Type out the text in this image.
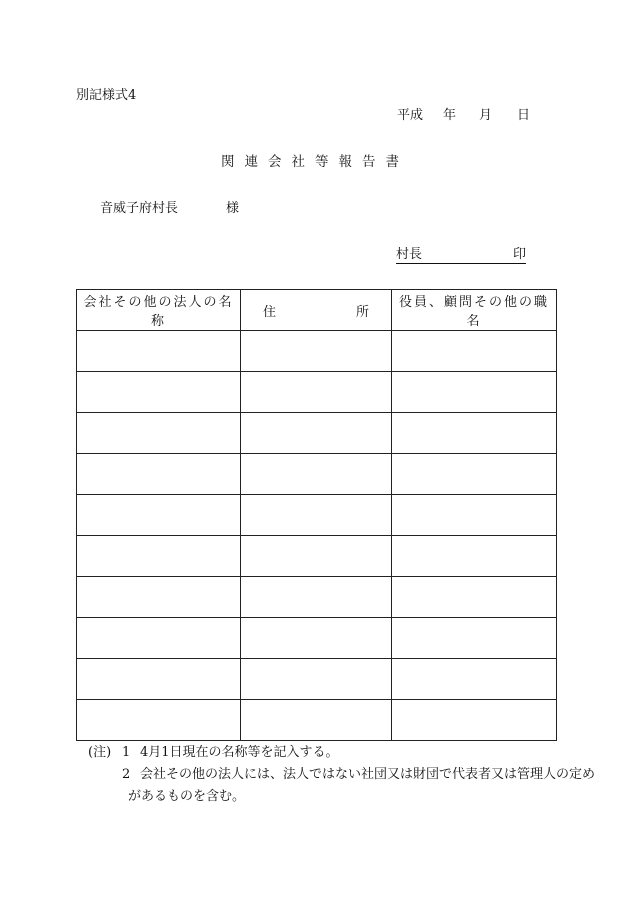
別記様式4
平成 年 月 日
関連会社等報告書
音威子府村長	様
村長	印
会社その他の法人の名称	住 所	役員、顧問その他の職名

(注) 1 4月1日現在の名称等を記入する。
2 会社その他の法人には、法人ではない社団又は財団で代表者又は管理人の定め
があるものを含む。
